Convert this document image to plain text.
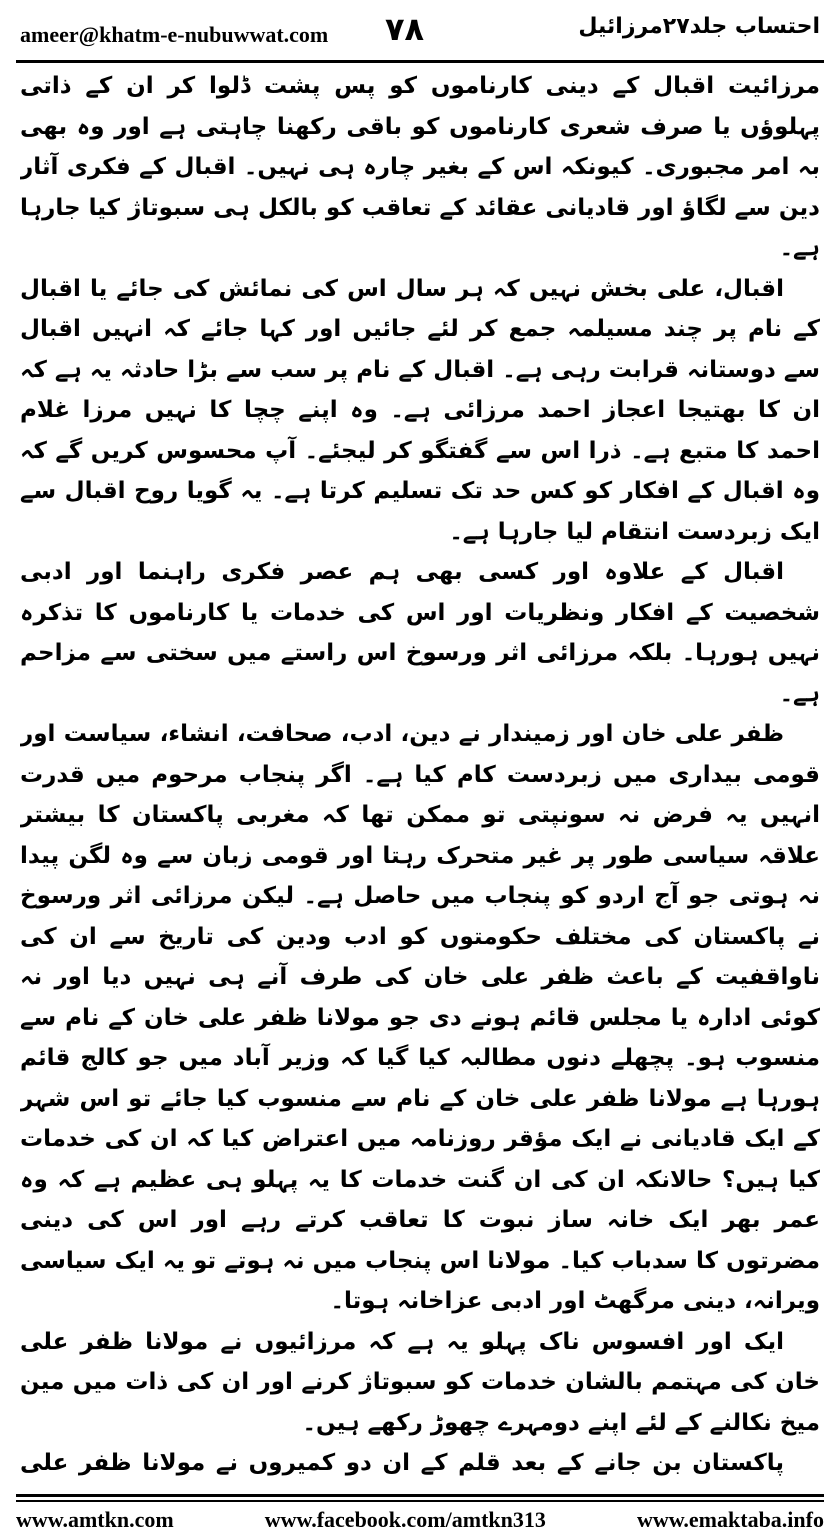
ameer@khatm-e-nubuwwat.com ۷۸	احتساب جلد۲۷مرزائیل

مرزائیت اقبال کے دینی کارناموں کو پس پشت ڈلوا کر ان کے ذاتی پہلوؤں یا صرف شعری کارناموں کو باقی رکھنا چاہتی ہے اور وہ بھی بہ امر مجبوری۔ کیونکہ اس کے بغیر چارہ ہی نہیں۔ اقبال کے فکری آثار دین سے لگاؤ اور قادیانی عقائد کے تعاقب کو بالکل ہی سبوتاژ کیا جارہا ہے۔

اقبال، علی بخش نہیں کہ ہر سال اس کی نمائش کی جائے یا اقبال کے نام پر چند مسیلمہ جمع کر لئے جائیں اور کہا جائے کہ انہیں اقبال سے دوستانہ قرابت رہی ہے۔ اقبال کے نام پر سب سے بڑا حادثہ یہ ہے کہ ان کا بھتیجا اعجاز احمد مرزائی ہے۔ وہ اپنے چچا کا نہیں مرزا غلام احمد کا متبع ہے۔ ذرا اس سے گفتگو کر لیجئے۔ آپ محسوس کریں گے کہ وہ اقبال کے افکار کو کس حد تک تسلیم کرتا ہے۔ یہ گویا روح اقبال سے ایک زبردست انتقام لیا جارہا ہے۔

اقبال کے علاوہ اور کسی بھی ہم عصر فکری راہنما اور ادبی شخصیت کے افکار ونظریات اور اس کی خدمات یا کارناموں کا تذکرہ نہیں ہورہا۔ بلکہ مرزائی اثر ورسوخ اس راستے میں سختی سے مزاحم ہے۔

ظفر علی خان اور زمیندار نے دین، ادب، صحافت، انشاء، سیاست اور قومی بیداری میں زبردست کام کیا ہے۔ اگر پنجاب مرحوم میں قدرت انہیں یہ فرض نہ سونپتی تو ممکن تھا کہ مغربی پاکستان کا بیشتر علاقہ سیاسی طور پر غیر متحرک رہتا اور قومی زبان سے وہ لگن پیدا نہ ہوتی جو آج اردو کو پنجاب میں حاصل ہے۔ لیکن مرزائی اثر ورسوخ نے پاکستان کی مختلف حکومتوں کو ادب ودین کی تاریخ سے ان کی ناواقفیت کے باعث ظفر علی خان کی طرف آنے ہی نہیں دیا اور نہ کوئی ادارہ یا مجلس قائم ہونے دی جو مولانا ظفر علی خان کے نام سے منسوب ہو۔ پچھلے دنوں مطالبہ کیا گیا کہ وزیر آباد میں جو کالج قائم ہورہا ہے مولانا ظفر علی خان کے نام سے منسوب کیا جائے تو اس شہر کے ایک قادیانی نے ایک مؤقر روزنامہ میں اعتراض کیا کہ ان کی خدمات کیا ہیں؟ حالانکہ ان کی ان گنت خدمات کا یہ پہلو ہی عظیم ہے کہ وہ عمر بھر ایک خانہ ساز نبوت کا تعاقب کرتے رہے اور اس کی دینی مضرتوں کا سدباب کیا۔ مولانا اس پنجاب میں نہ ہوتے تو یہ ایک سیاسی ویرانہ، دینی مرگھٹ اور ادبی عزاخانہ ہوتا۔

ایک اور افسوس ناک پہلو یہ ہے کہ مرزائیوں نے مولانا ظفر علی خان کی مہتمم بالشان خدمات کو سبوتاژ کرنے اور ان کی ذات میں مین میخ نکالنے کے لئے اپنے دومہرے چھوڑ رکھے ہیں۔

پاکستان بن جانے کے بعد قلم کے ان دو کمیروں نے مولانا ظفر علی

www.amtkn.com	www.facebook.com/amtkn313	www.emaktaba.info
